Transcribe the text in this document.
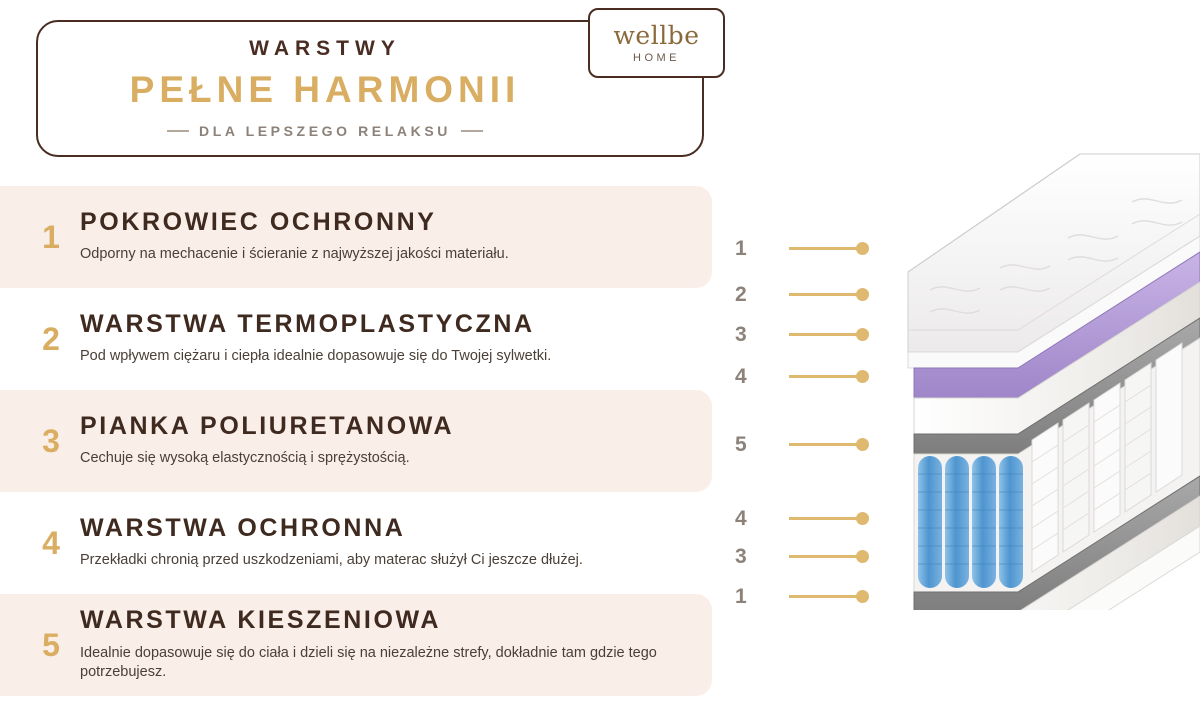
WARSTWY
PEŁNE HARMONII
DLA LEPSZEGO RELAKSU
wellbe
HOME
1 POKROWIEC OCHRONNY
Odporny na mechacenie i ścieranie z najwyższej jakości materiału.
2 WARSTWA TERMOPLASTYCZNA
Pod wpływem ciężaru i ciepła idealnie dopasowuje się do Twojej sylwetki.
3 PIANKA POLIURETANOWA
Cechuje się wysoką elastycznością i sprężystością.
4 WARSTWA OCHRONNA
Przekładki chronią przed uszkodzeniami, aby materac służył Ci jeszcze dłużej.
5
WARSTWA KIESZENIOWA
Idealnie dopasowuje się do ciała i dzieli się na niezależne strefy, dokładnie tam gdzie tego potrzebujesz.
1
2
3
4
5
4
3
1
